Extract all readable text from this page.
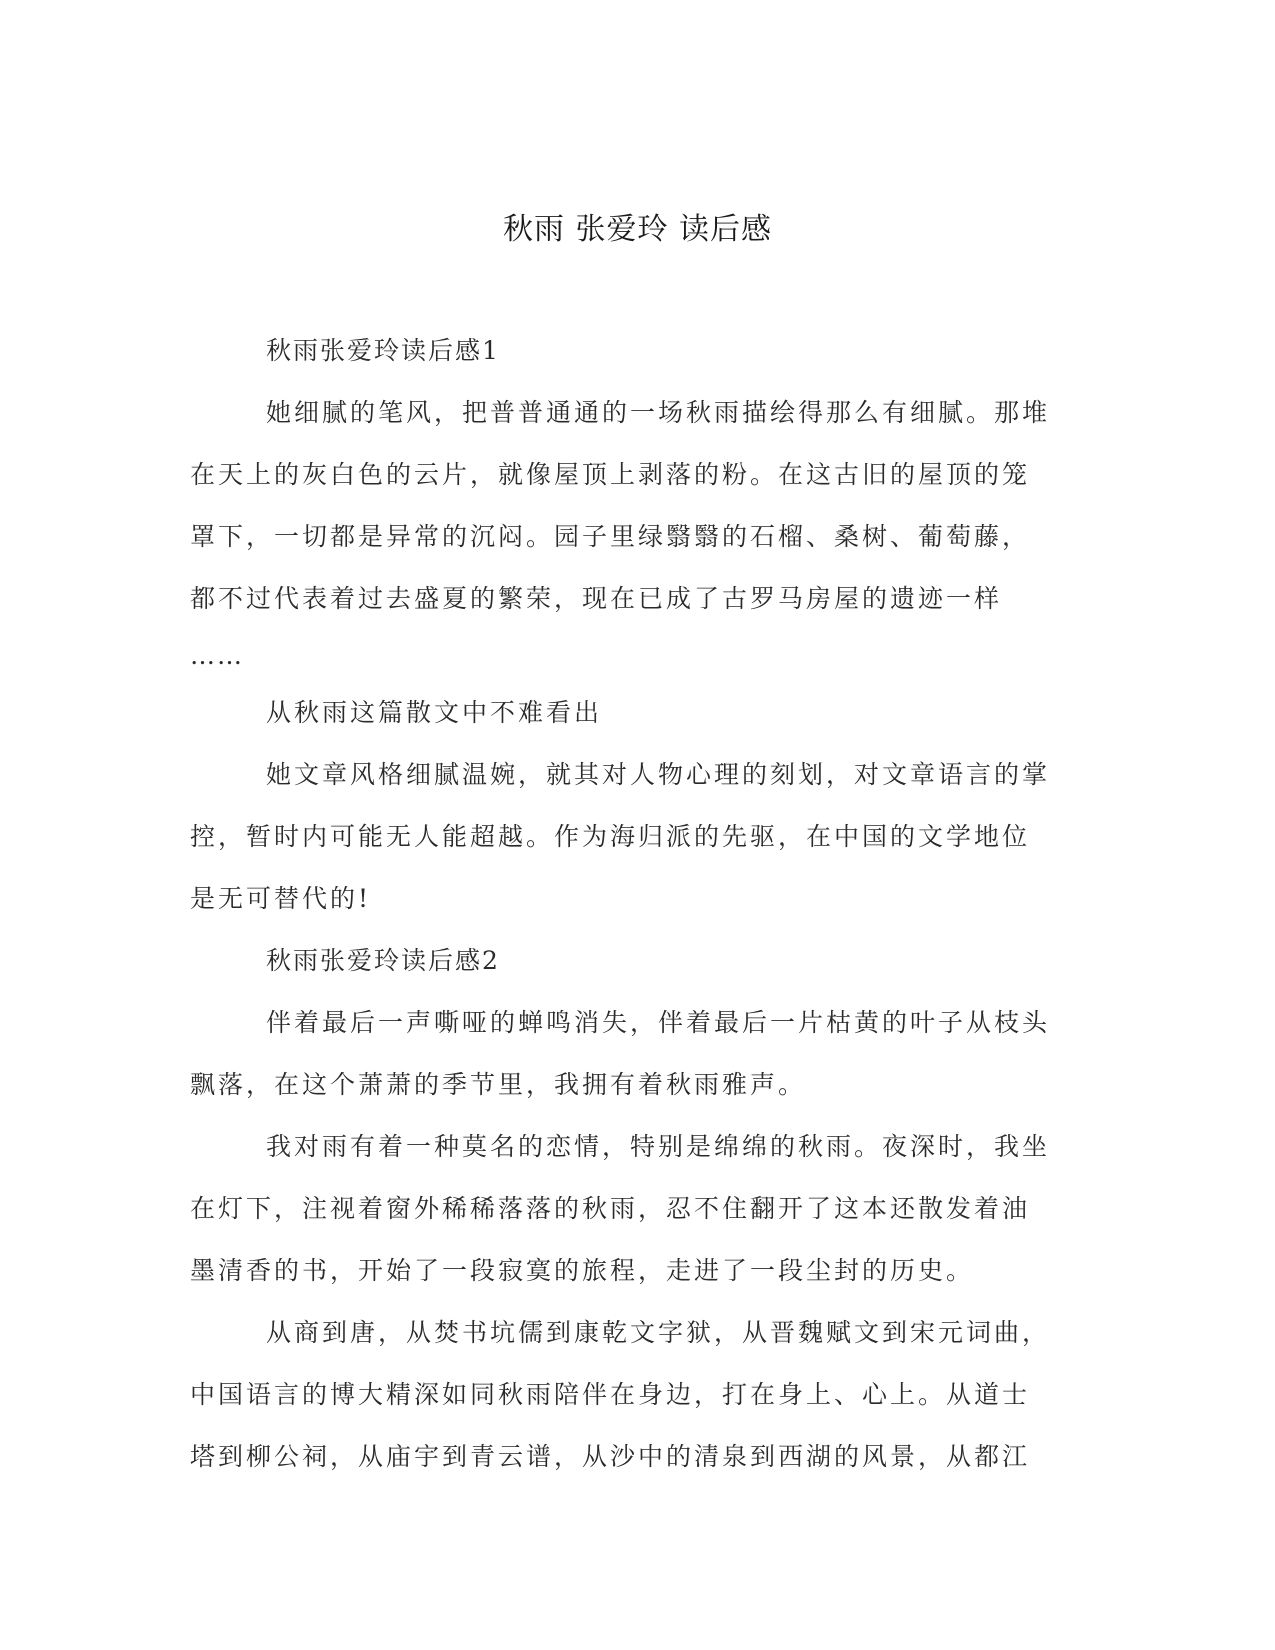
秋雨 张爱玲 读后感

秋雨张爱玲读后感1

她细腻的笔风，把普普通通的一场秋雨描绘得那么有细腻。那堆
在天上的灰白色的云片，就像屋顶上剥落的粉。在这古旧的屋顶的笼
罩下，一切都是异常的沉闷。园子里绿翳翳的石榴、桑树、葡萄藤，
都不过代表着过去盛夏的繁荣，现在已成了古罗马房屋的遗迹一样
……

从秋雨这篇散文中不难看出

她文章风格细腻温婉，就其对人物心理的刻划，对文章语言的掌
控，暂时内可能无人能超越。作为海归派的先驱，在中国的文学地位
是无可替代的!

秋雨张爱玲读后感2

伴着最后一声嘶哑的蝉鸣消失，伴着最后一片枯黄的叶子从枝头
飘落，在这个萧萧的季节里，我拥有着秋雨雅声。

我对雨有着一种莫名的恋情，特别是绵绵的秋雨。夜深时，我坐
在灯下，注视着窗外稀稀落落的秋雨，忍不住翻开了这本还散发着油
墨清香的书，开始了一段寂寞的旅程，走进了一段尘封的历史。

从商到唐，从焚书坑儒到康乾文字狱，从晋魏赋文到宋元词曲，
中国语言的博大精深如同秋雨陪伴在身边，打在身上、心上。从道士
塔到柳公祠，从庙宇到青云谱，从沙中的清泉到西湖的风景，从都江
